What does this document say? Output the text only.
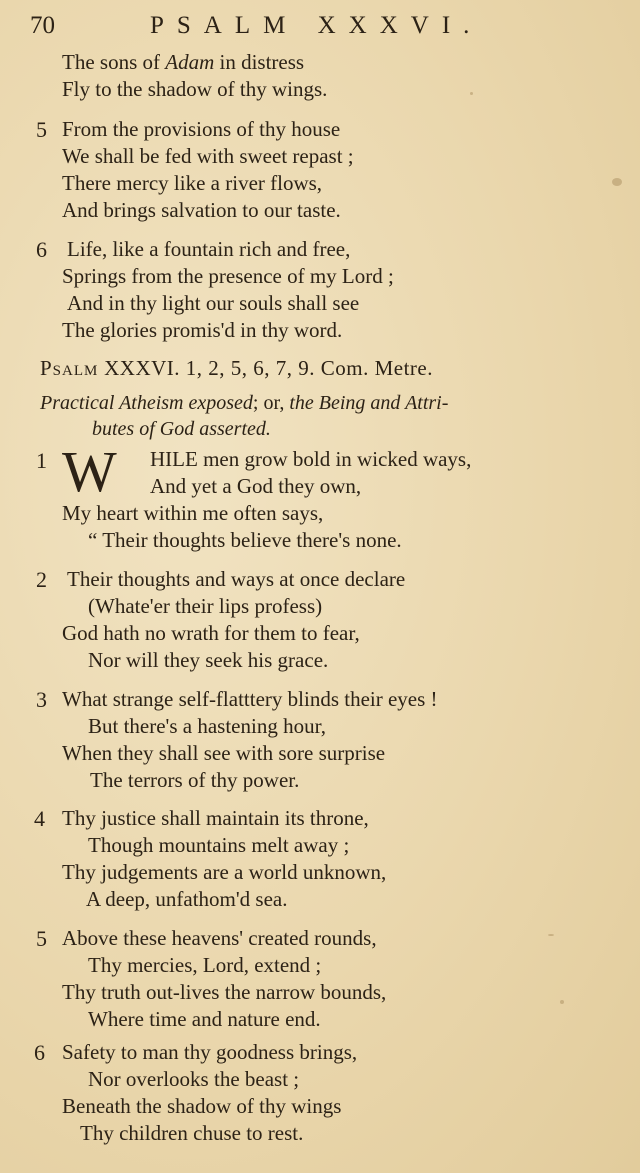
70	PSALM XXXVI.
The sons of Adam in distress
Fly to the shadow of thy wings.
5 From the provisions of thy house
We shall be fed with sweet repast ;
There mercy like a river flows,
And brings salvation to our taste.
6 Life, like a fountain rich and free,
Springs from the presence of my Lord ;
And in thy light our souls shall see
The glories promis'd in thy word.
Psalm XXXVI. 1, 2, 5, 6, 7, 9. Com. Metre.
Practical Atheism exposed; or, the Being and Attri-
butes of God asserted.
1 W HILE men grow bold in wicked ways,
And yet a God they own,
My heart within me often says,
“ Their thoughts believe there's none.
2 Their thoughts and ways at once declare
(Whate'er their lips profess)
God hath no wrath for them to fear,
Nor will they seek his grace.
3 What strange self-flatttery blinds their eyes !
But there's a hastening hour,
When they shall see with sore surprise
The terrors of thy power.
4 Thy justice shall maintain its throne,
Though mountains melt away ;
Thy judgements are a world unknown,
A deep, unfathom'd sea.
5 Above these heavens' created rounds,
Thy mercies, Lord, extend ;
Thy truth out-lives the narrow bounds,
Where time and nature end.
6 Safety to man thy goodness brings,
Nor overlooks the beast ;
Beneath the shadow of thy wings
Thy children chuse to rest.
